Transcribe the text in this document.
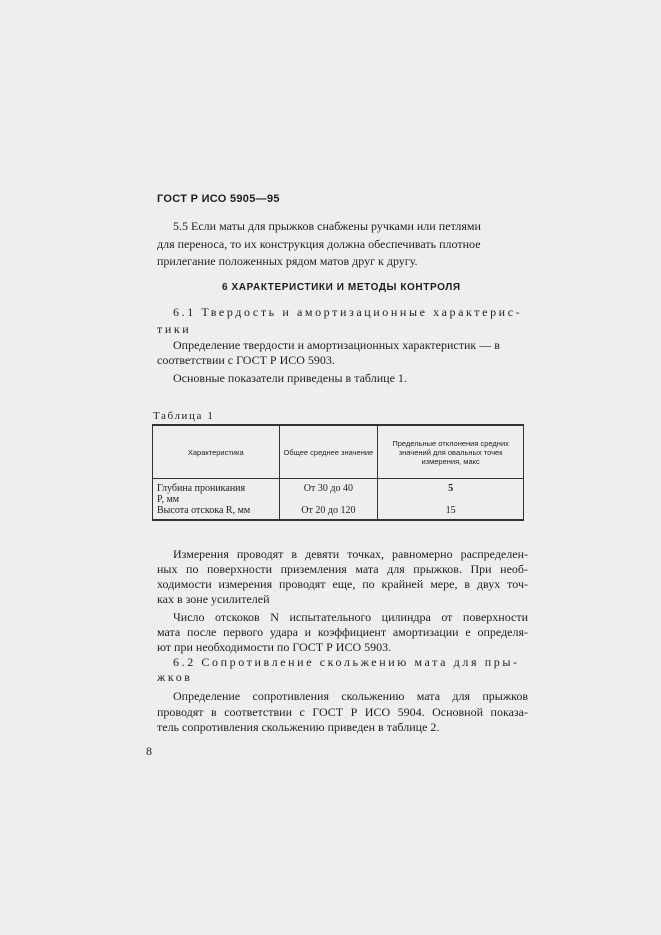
ГОСТ Р ИСО 5905—95
5.5 Если маты для прыжков снабжены ручками или петлями
для переноса, то их конструкция должна обеспечивать плотное
прилегание положенных рядом матов друг к другу.
6 ХАРАКТЕРИСТИКИ И МЕТОДЫ КОНТРОЛЯ
6.1 Твердость и амортизационные характерис-
тики
Определение твердости и амортизационных характеристик — в
соответствии с ГОСТ Р ИСО 5903.
Основные показатели приведены в таблице 1.
Таблица 1
Характеристика	Общее среднее значение	Предельные отклонения средних значений для овальных точек измерения, макс

Глубина проникания
P, мм	От 30 до 40	5
Высота отскока R, мм	От 20 до 120	15
Измерения проводят в девяти точках, равномерно распределен-
ных по поверхности приземления мата для прыжков. При необ-
ходимости измерения проводят еще, по крайней мере, в двух точ-
ках в зоне усилителей
Число отскоков N испытательного цилиндра от поверхности
мата после первого удара и коэффициент амортизации e определя-
ют при необходимости по ГОСТ Р ИСО 5903.
6.2 Сопротивление скольжению мата для пры-
жков
Определение сопротивления скольжению мата для прыжков
проводят в соответствии с ГОСТ Р ИСО 5904. Основной показа-
тель сопротивления скольжению приведен в таблице 2.
8
